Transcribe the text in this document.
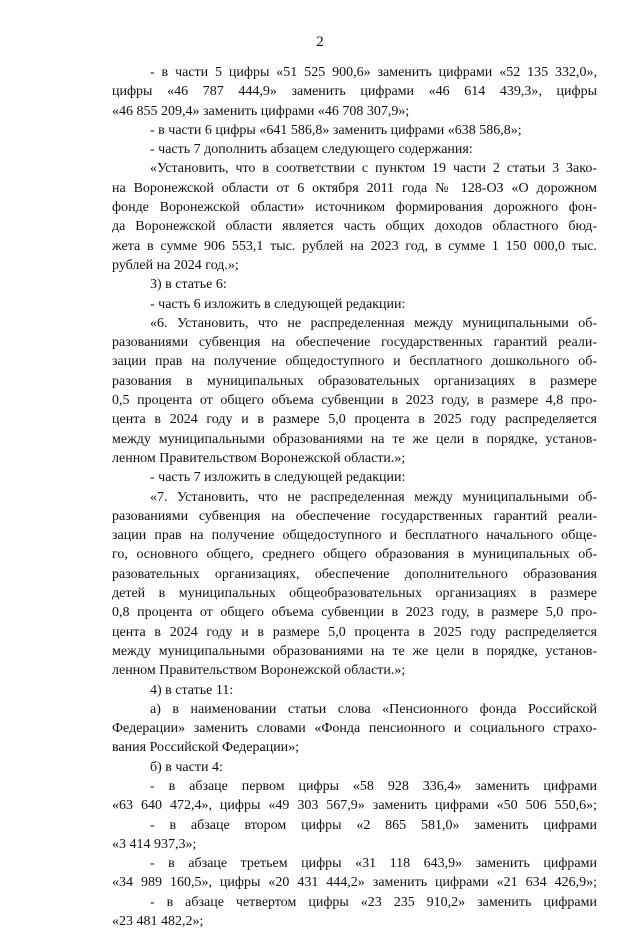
2
- в части 5 цифры «51 525 900,6» заменить цифрами «52 135 332,0»,
цифры «46 787 444,9» заменить цифрами «46 614 439,3», цифры
«46 855 209,4» заменить цифрами «46 708 307,9»;
- в части 6 цифры «641 586,8» заменить цифрами «638 586,8»;
- часть 7 дополнить абзацем следующего содержания:
«Установить, что в соответствии с пунктом 19 части 2 статьи 3 Зако-
на Воронежской области от 6 октября 2011 года № 128-ОЗ «О дорожном
фонде Воронежской области» источником формирования дорожного фон-
да Воронежской области является часть общих доходов областного бюд-
жета в сумме 906 553,1 тыс. рублей на 2023 год, в сумме 1 150 000,0 тыс.
рублей на 2024 год.»;
3) в статье 6:
- часть 6 изложить в следующей редакции:
«6. Установить, что не распределенная между муниципальными об-
разованиями субвенция на обеспечение государственных гарантий реали-
зации прав на получение общедоступного и бесплатного дошкольного об-
разования в муниципальных образовательных организациях в размере
0,5 процента от общего объема субвенции в 2023 году, в размере 4,8 про-
цента в 2024 году и в размере 5,0 процента в 2025 году распределяется
между муниципальными образованиями на те же цели в порядке, установ-
ленном Правительством Воронежской области.»;
- часть 7 изложить в следующей редакции:
«7. Установить, что не распределенная между муниципальными об-
разованиями субвенция на обеспечение государственных гарантий реали-
зации прав на получение общедоступного и бесплатного начального обще-
го, основного общего, среднего общего образования в муниципальных об-
разовательных организациях, обеспечение дополнительного образования
детей в муниципальных общеобразовательных организациях в размере
0,8 процента от общего объема субвенции в 2023 году, в размере 5,0 про-
цента в 2024 году и в размере 5,0 процента в 2025 году распределяется
между муниципальными образованиями на те же цели в порядке, установ-
ленном Правительством Воронежской области.»;
4) в статье 11:
а) в наименовании статьи слова «Пенсионного фонда Российской
Федерации» заменить словами «Фонда пенсионного и социального страхо-
вания Российской Федерации»;
б) в части 4:
- в абзаце первом цифры «58 928 336,4» заменить цифрами
«63 640 472,4», цифры «49 303 567,9» заменить цифрами «50 506 550,6»;
- в абзаце втором цифры «2 865 581,0» заменить цифрами
«3 414 937,3»;
- в абзаце третьем цифры «31 118 643,9» заменить цифрами
«34 989 160,5», цифры «20 431 444,2» заменить цифрами «21 634 426,9»;
- в абзаце четвертом цифры «23 235 910,2» заменить цифрами
«23 481 482,2»;
